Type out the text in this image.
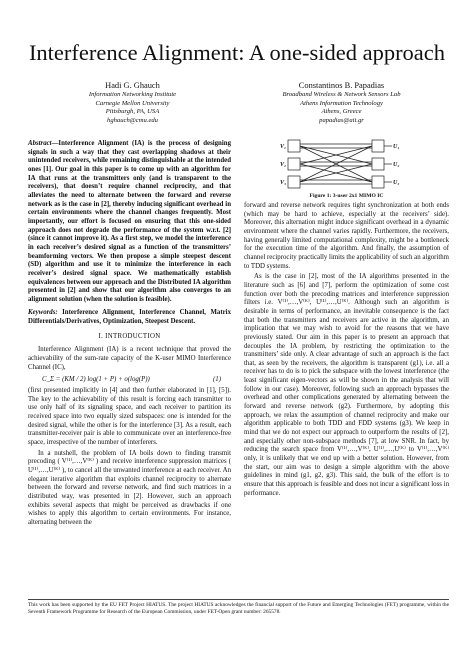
Interference Alignment: A one-sided approach
Hadi G. Ghauch
Information Networking Institute
Carnegie Mellon University
Pittsburgh, PA, USA
hghauch@cmu.edu
Constantinos B. Papadias
Broadband Wireless & Network Sensors Lab
Athens Information Technology
Athens, Greece
papadias@ait.gr

Abstract—Interference Alignment (IA) is the process of designing signals in such a way that they cast overlapping shadows at their unintended receivers, while remaining distinguishable at the intended ones [1]. Our goal in this paper is to come up with an algorithm for IA that runs at the transmitters only (and is transparent to the receivers), that doesn’t require channel reciprocity, and that alleviates the need to alternate between the forward and reverse network as is the case in [2], thereby inducing significant overhead in certain environments where the channel changes frequently. Most importantly, our effort is focused on ensuring that this one-sided approach does not degrade the performance of the system w.r.t. [2] (since it cannot improve it). As a first step, we model the interference in each receiver’s desired signal as a function of the transmitters’ beamforming vectors. We then propose a simple steepest descent (SD) algorithm and use it to minimize the interference in each receiver’s desired signal space. We mathematically establish equivalences between our approach and the Distributed IA algorithm presented in [2] and show that our algorithm also converges to an alignment solution (when the solution is feasible).

Keywords: Interference Alignment, Interference Channel, Matrix Differentials/Derivatives, Optimization, Steepest Descent.

I. INTRODUCTION

Interference Alignment (IA) is a recent technique that proved the achievability of the sum-rate capacity of the K-user MIMO Interference Channel (IC),

C_Σ = (KM / 2) log(1 + P) + o(log(P))	(1)

(first presented implicitly in [4] and then further elaborated in [1], [5]). The key to the achievability of this result is forcing each transmitter to use only half of its signaling space, and each receiver to partition its received space into two equally sized subspaces: one is intended for the desired signal, while the other is for the interference [3]. As a result, each transmitter-receiver pair is able to communicate over an interference-free space, irrespective of the number of interferers.

In a nutshell, the problem of IA boils down to finding transmit precoding ( V⁽¹⁾,…,V⁽ᴷ⁾ ) and receive interference suppression matrices ( U⁽¹⁾,…,U⁽ᴷ⁾ ), to cancel all the unwanted interference at each receiver. An elegant iterative algorithm that exploits channel reciprocity to alternate between the forward and reverse network, and find such matrices in a distributed way, was presented in [2]. However, such an approach exhibits several aspects that might be perceived as drawbacks if one wishes to apply this algorithm to certain environments. For instance, alternating between the

V₁
V₂
V₃
U₁
U₂
U₃
Figure 1: 3-user 2x1 MIMO IC

forward and reverse network requires tight synchronization at both ends (which may be hard to achieve, especially at the receivers’ side). Moreover, this alternation might induce significant overhead in a dynamic environment where the channel varies rapidly. Furthermore, the receivers, having generally limited computational complexity, might be a bottleneck for the execution time of the algorithm. And finally, the assumption of channel reciprocity practically limits the applicability of such an algorithm to TDD systems.

As is the case in [2], most of the IA algorithms presented in the literature such as [6] and [7], perform the optimization of some cost function over both the precoding matrices and interference suppression filters i.e. V⁽¹⁾,…,V⁽ᴷ⁾, U⁽¹⁾,…,U⁽ᴷ⁾. Although such an algorithm is desirable in terms of performance, an inevitable consequence is the fact that both the transmitters and receivers are active in the algorithm, an implication that we may wish to avoid for the reasons that we have previously stated. Our aim in this paper is to present an approach that decouples the IA problem, by restricting the optimization to the transmitters’ side only. A clear advantage of such an approach is the fact that, as seen by the receivers, the algorithm is transparent (g1), i.e. all a receiver has to do is to pick the subspace with the lowest interference (the least significant eigen-vectors as will be shown in the analysis that will follow in our case). Moreover, following such an approach bypasses the overhead and other complications generated by alternating between the forward and reverse network (g2). Furthermore, by adopting this approach, we relax the assumption of channel reciprocity and make our algorithm applicable to both TDD and FDD systems (g3). We keep in mind that we do not expect our approach to outperform the results of [2], and especially other non-subspace methods [7], at low SNR. In fact, by reducing the search space from V⁽¹⁾,…,V⁽ᴷ⁾, U⁽¹⁾,…,U⁽ᴷ⁾ to V⁽¹⁾,…,V⁽ᴷ⁾ only, it is unlikely that we end up with a better solution. However, from the start, our aim was to design a simple algorithm with the above guidelines in mind (g1, g2, g3). This said, the bulk of the effort is to ensure that this approach is feasible and does not incur a significant loss in performance.

This work has been supported by the EU FET Project HIATUS. The project HIATUS acknowledges the financial support of the Future and Emerging Technologies (FET) programme, within the Seventh Framework Programme for Research of the European Commission, under FET-Open grant number: 265578.
